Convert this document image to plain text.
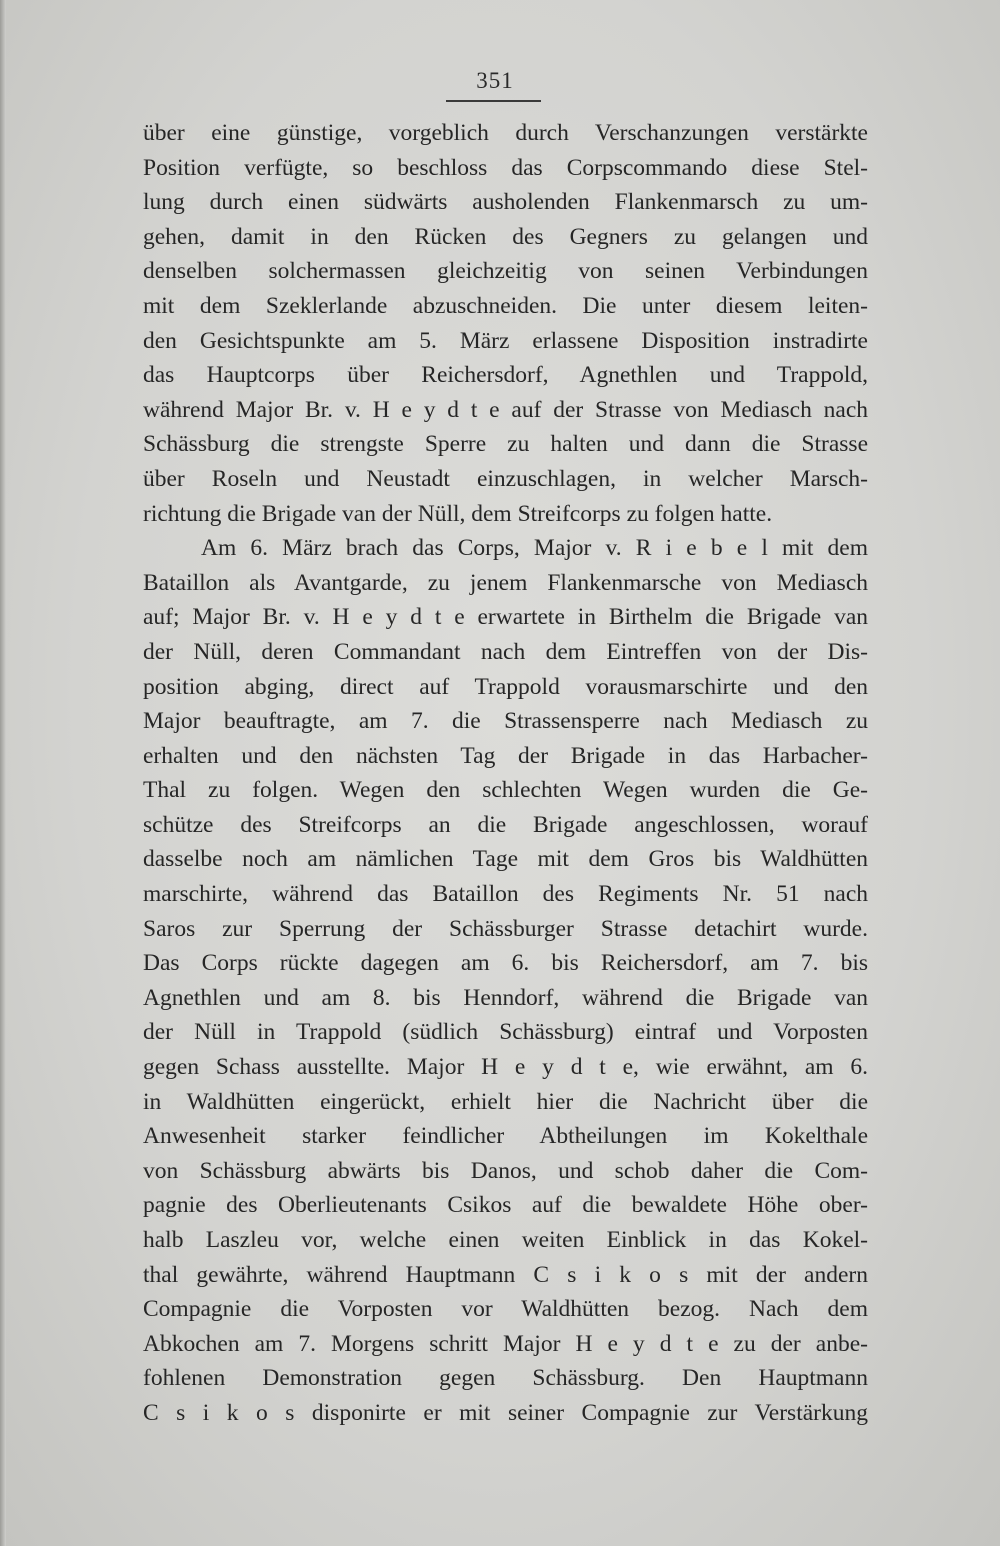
351
über eine günstige, vorgeblich durch Verschanzungen verstärkte
Position verfügte, so beschloss das Corpscommando diese Stel-
lung durch einen südwärts ausholenden Flankenmarsch zu um-
gehen, damit in den Rücken des Gegners zu gelangen und
denselben solchermassen gleichzeitig von seinen Verbindungen
mit dem Szeklerlande abzuschneiden. Die unter diesem leiten-
den Gesichtspunkte am 5. März erlassene Disposition instradirte
das Hauptcorps über Reichersdorf, Agnethlen und Trappold,
während Major Br. v. H e y d t e auf der Strasse von Mediasch nach
Schässburg die strengste Sperre zu halten und dann die Strasse
über Roseln und Neustadt einzuschlagen, in welcher Marsch-
richtung die Brigade van der Nüll, dem Streifcorps zu folgen hatte.
Am 6. März brach das Corps, Major v. R i e b e l mit dem
Bataillon als Avantgarde, zu jenem Flankenmarsche von Mediasch
auf; Major Br. v. H e y d t e erwartete in Birthelm die Brigade van
der Nüll, deren Commandant nach dem Eintreffen von der Dis-
position abging, direct auf Trappold vorausmarschirte und den
Major beauftragte, am 7. die Strassensperre nach Mediasch zu
erhalten und den nächsten Tag der Brigade in das Harbacher-
Thal zu folgen. Wegen den schlechten Wegen wurden die Ge-
schütze des Streifcorps an die Brigade angeschlossen, worauf
dasselbe noch am nämlichen Tage mit dem Gros bis Waldhütten
marschirte, während das Bataillon des Regiments Nr. 51 nach
Saros zur Sperrung der Schässburger Strasse detachirt wurde.
Das Corps rückte dagegen am 6. bis Reichersdorf, am 7. bis
Agnethlen und am 8. bis Henndorf, während die Brigade van
der Nüll in Trappold (südlich Schässburg) eintraf und Vorposten
gegen Schass ausstellte. Major H e y d t e, wie erwähnt, am 6.
in Waldhütten eingerückt, erhielt hier die Nachricht über die
Anwesenheit starker feindlicher Abtheilungen im Kokelthale
von Schässburg abwärts bis Danos, und schob daher die Com-
pagnie des Oberlieutenants Csikos auf die bewaldete Höhe ober-
halb Laszleu vor, welche einen weiten Einblick in das Kokel-
thal gewährte, während Hauptmann C s i k o s mit der andern
Compagnie die Vorposten vor Waldhütten bezog. Nach dem
Abkochen am 7. Morgens schritt Major H e y d t e zu der anbe-
fohlenen Demonstration gegen Schässburg. Den Hauptmann
C s i k o s disponirte er mit seiner Compagnie zur Verstärkung
